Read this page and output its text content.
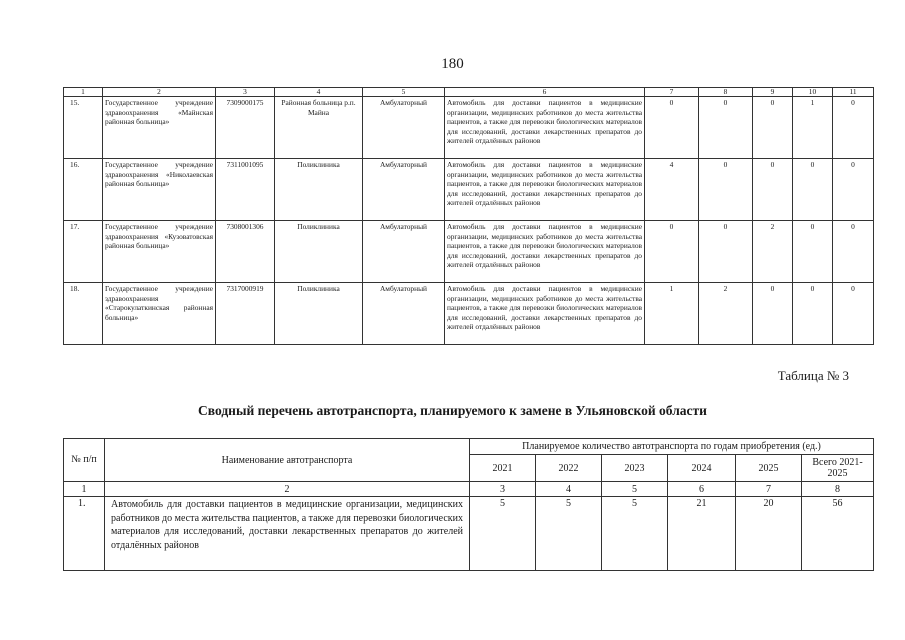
180
1	2	3	4	5	6	7	8	9	10	11
15.	Государственное учреждение здравоохранения «Майнская районная больница»	7309000175	Районная больница р.п. Майна	Амбулаторный	Автомобиль для доставки пациентов в медицинские организации, медицинских работников до места жительства пациентов, а также для перевозки биологических материалов для исследований, доставки лекарственных препаратов до жителей отдалённых районов	0	0	0	1	0
16.	Государственное учреждение здравоохранения «Николаевская районная больница»	7311001095	Поликлиника	Амбулаторный	Автомобиль для доставки пациентов в медицинские организации, медицинских работников до места жительства пациентов, а также для перевозки биологических материалов для исследований, доставки лекарственных препаратов до жителей отдалённых районов	4	0	0	0	0
17.	Государственное учреждение здравоохранения «Кузоватовская районная больница»	7308001306	Поликлиника	Амбулаторный	Автомобиль для доставки пациентов в медицинские организации, медицинских работников до места жительства пациентов, а также для перевозки биологических материалов для исследований, доставки лекарственных препаратов до жителей отдалённых районов	0	0	2	0	0
18.	Государственное учреждение здравоохранения «Старокулаткинская районная больница»	7317000919	Поликлиника	Амбулаторный	Автомобиль для доставки пациентов в медицинские организации, медицинских работников до места жительства пациентов, а также для перевозки биологических материалов для исследований, доставки лекарственных препаратов до жителей отдалённых районов	1	2	0	0	0
Таблица № 3
Сводный перечень автотранспорта, планируемого к замене в Ульяновской области
№ п/п	Наименование автотранспорта	Планируемое количество автотранспорта по годам приобретения (ед.)					
		2021	2022	2023	2024	2025	Всего 2021-2025
1	2	3	4	5	6	7	8
1.	Автомобиль для доставки пациентов в медицинские организации, медицинских работников до места жительства пациентов, а также для перевозки биологических материалов для исследований, доставки лекарственных препаратов до жителей отдалённых районов	5	5	5	21	20	56
